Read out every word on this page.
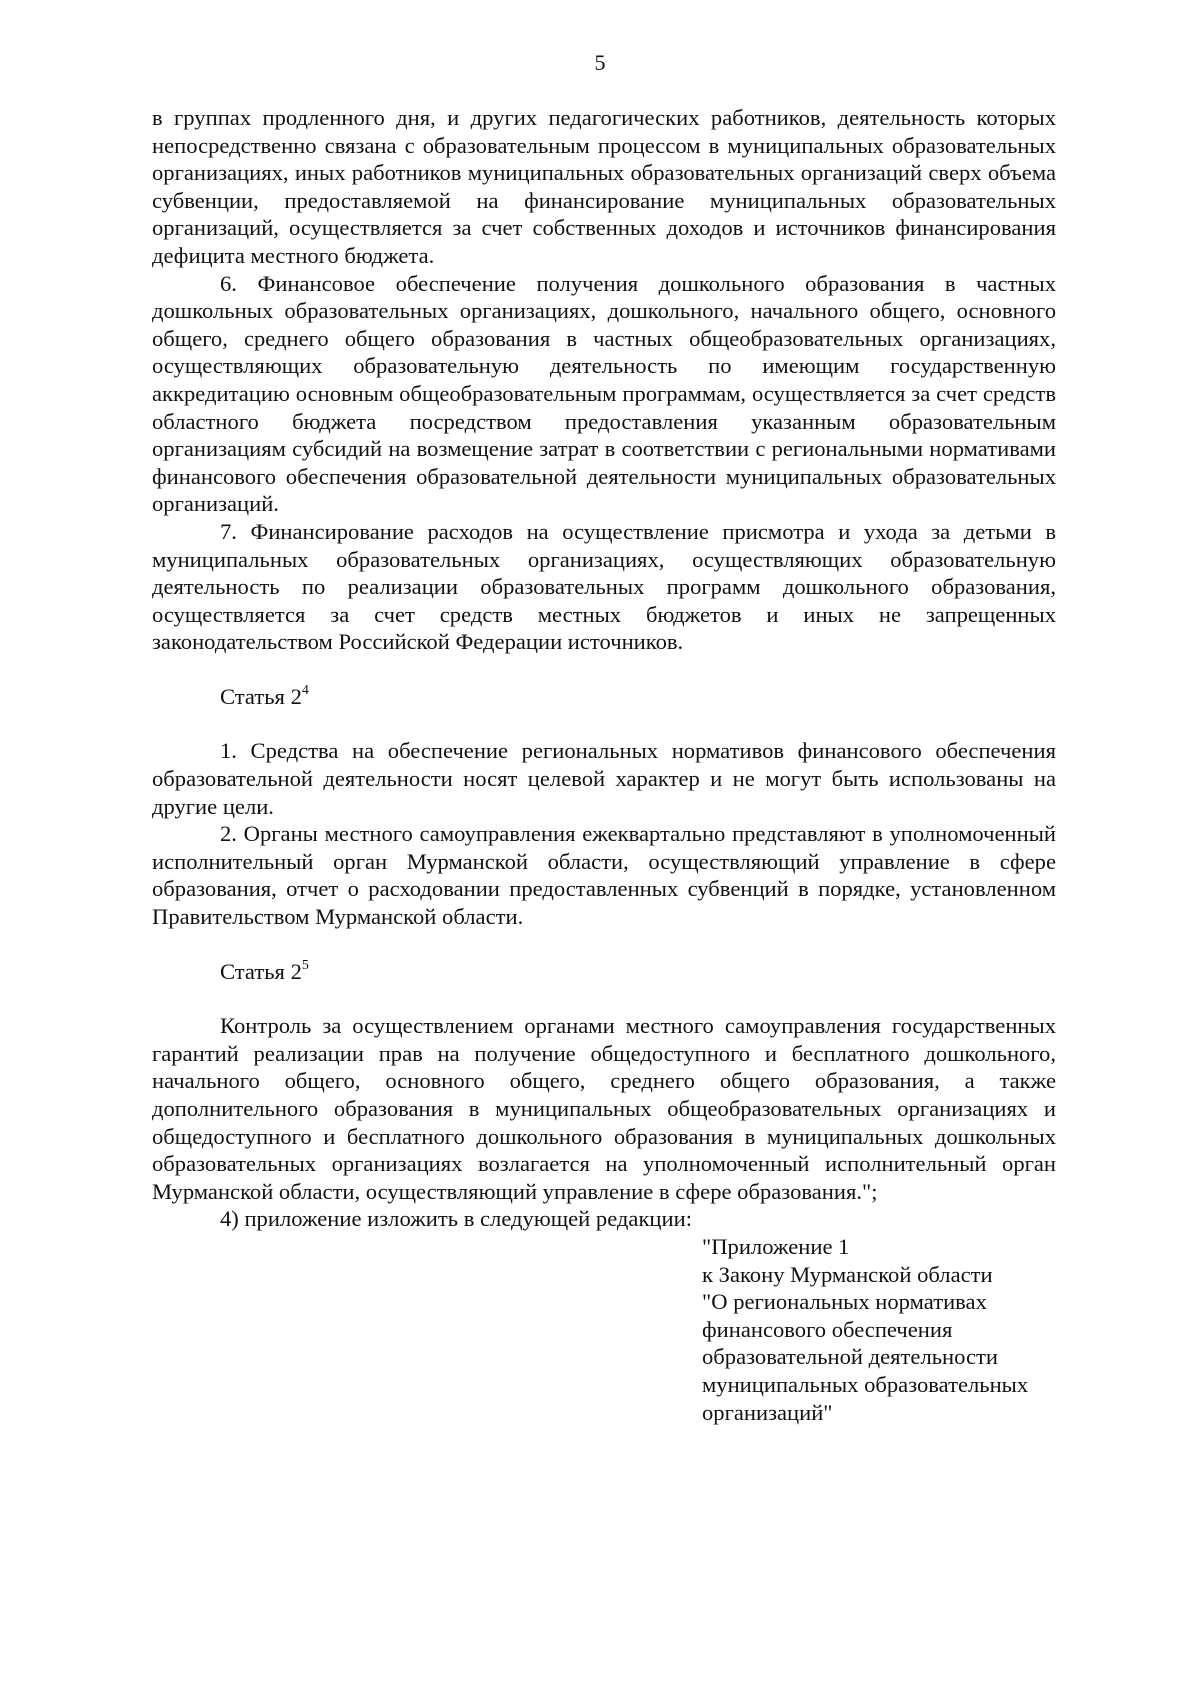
5

в группах продленного дня, и других педагогических работников, деятельность которых непосредственно связана с образовательным процессом в муниципальных образовательных организациях, иных работников муниципальных образовательных организаций сверх объема субвенции, предоставляемой на финансирование муниципальных образовательных организаций, осуществляется за счет собственных доходов и источников финансирования дефицита местного бюджета.

6. Финансовое обеспечение получения дошкольного образования в частных дошкольных образовательных организациях, дошкольного, начального общего, основного общего, среднего общего образования в частных общеобразовательных организациях, осуществляющих образовательную деятельность по имеющим государственную аккредитацию основным общеобразовательным программам, осуществляется за счет средств областного бюджета посредством предоставления указанным образовательным организациям субсидий на возмещение затрат в соответствии с региональными нормативами финансового обеспечения образовательной деятельности муниципальных образовательных организаций.

7. Финансирование расходов на осуществление присмотра и ухода за детьми в муниципальных образовательных организациях, осуществляющих образовательную деятельность по реализации образовательных программ дошкольного образования, осуществляется за счет средств местных бюджетов и иных не запрещенных законодательством Российской Федерации источников.

Статья $2^4$

1. Средства на обеспечение региональных нормативов финансового обеспечения образовательной деятельности носят целевой характер и не могут быть использованы на другие цели.

2. Органы местного самоуправления ежеквартально представляют в уполномоченный исполнительный орган Мурманской области, осуществляющий управление в сфере образования, отчет о расходовании предоставленных субвенций в порядке, установленном Правительством Мурманской области.

Статья $2^5$

Контроль за осуществлением органами местного самоуправления государственных гарантий реализации прав на получение общедоступного и бесплатного дошкольного, начального общего, основного общего, среднего общего образования, а также дополнительного образования в муниципальных общеобразовательных организациях и общедоступного и бесплатного дошкольного образования в муниципальных дошкольных образовательных организациях возлагается на уполномоченный исполнительный орган Мурманской области, осуществляющий управление в сфере образования.";

4) приложение изложить в следующей редакции:

"Приложение 1
к Закону Мурманской области
"О региональных нормативах
финансового обеспечения
образовательной деятельности
муниципальных образовательных
организаций"
